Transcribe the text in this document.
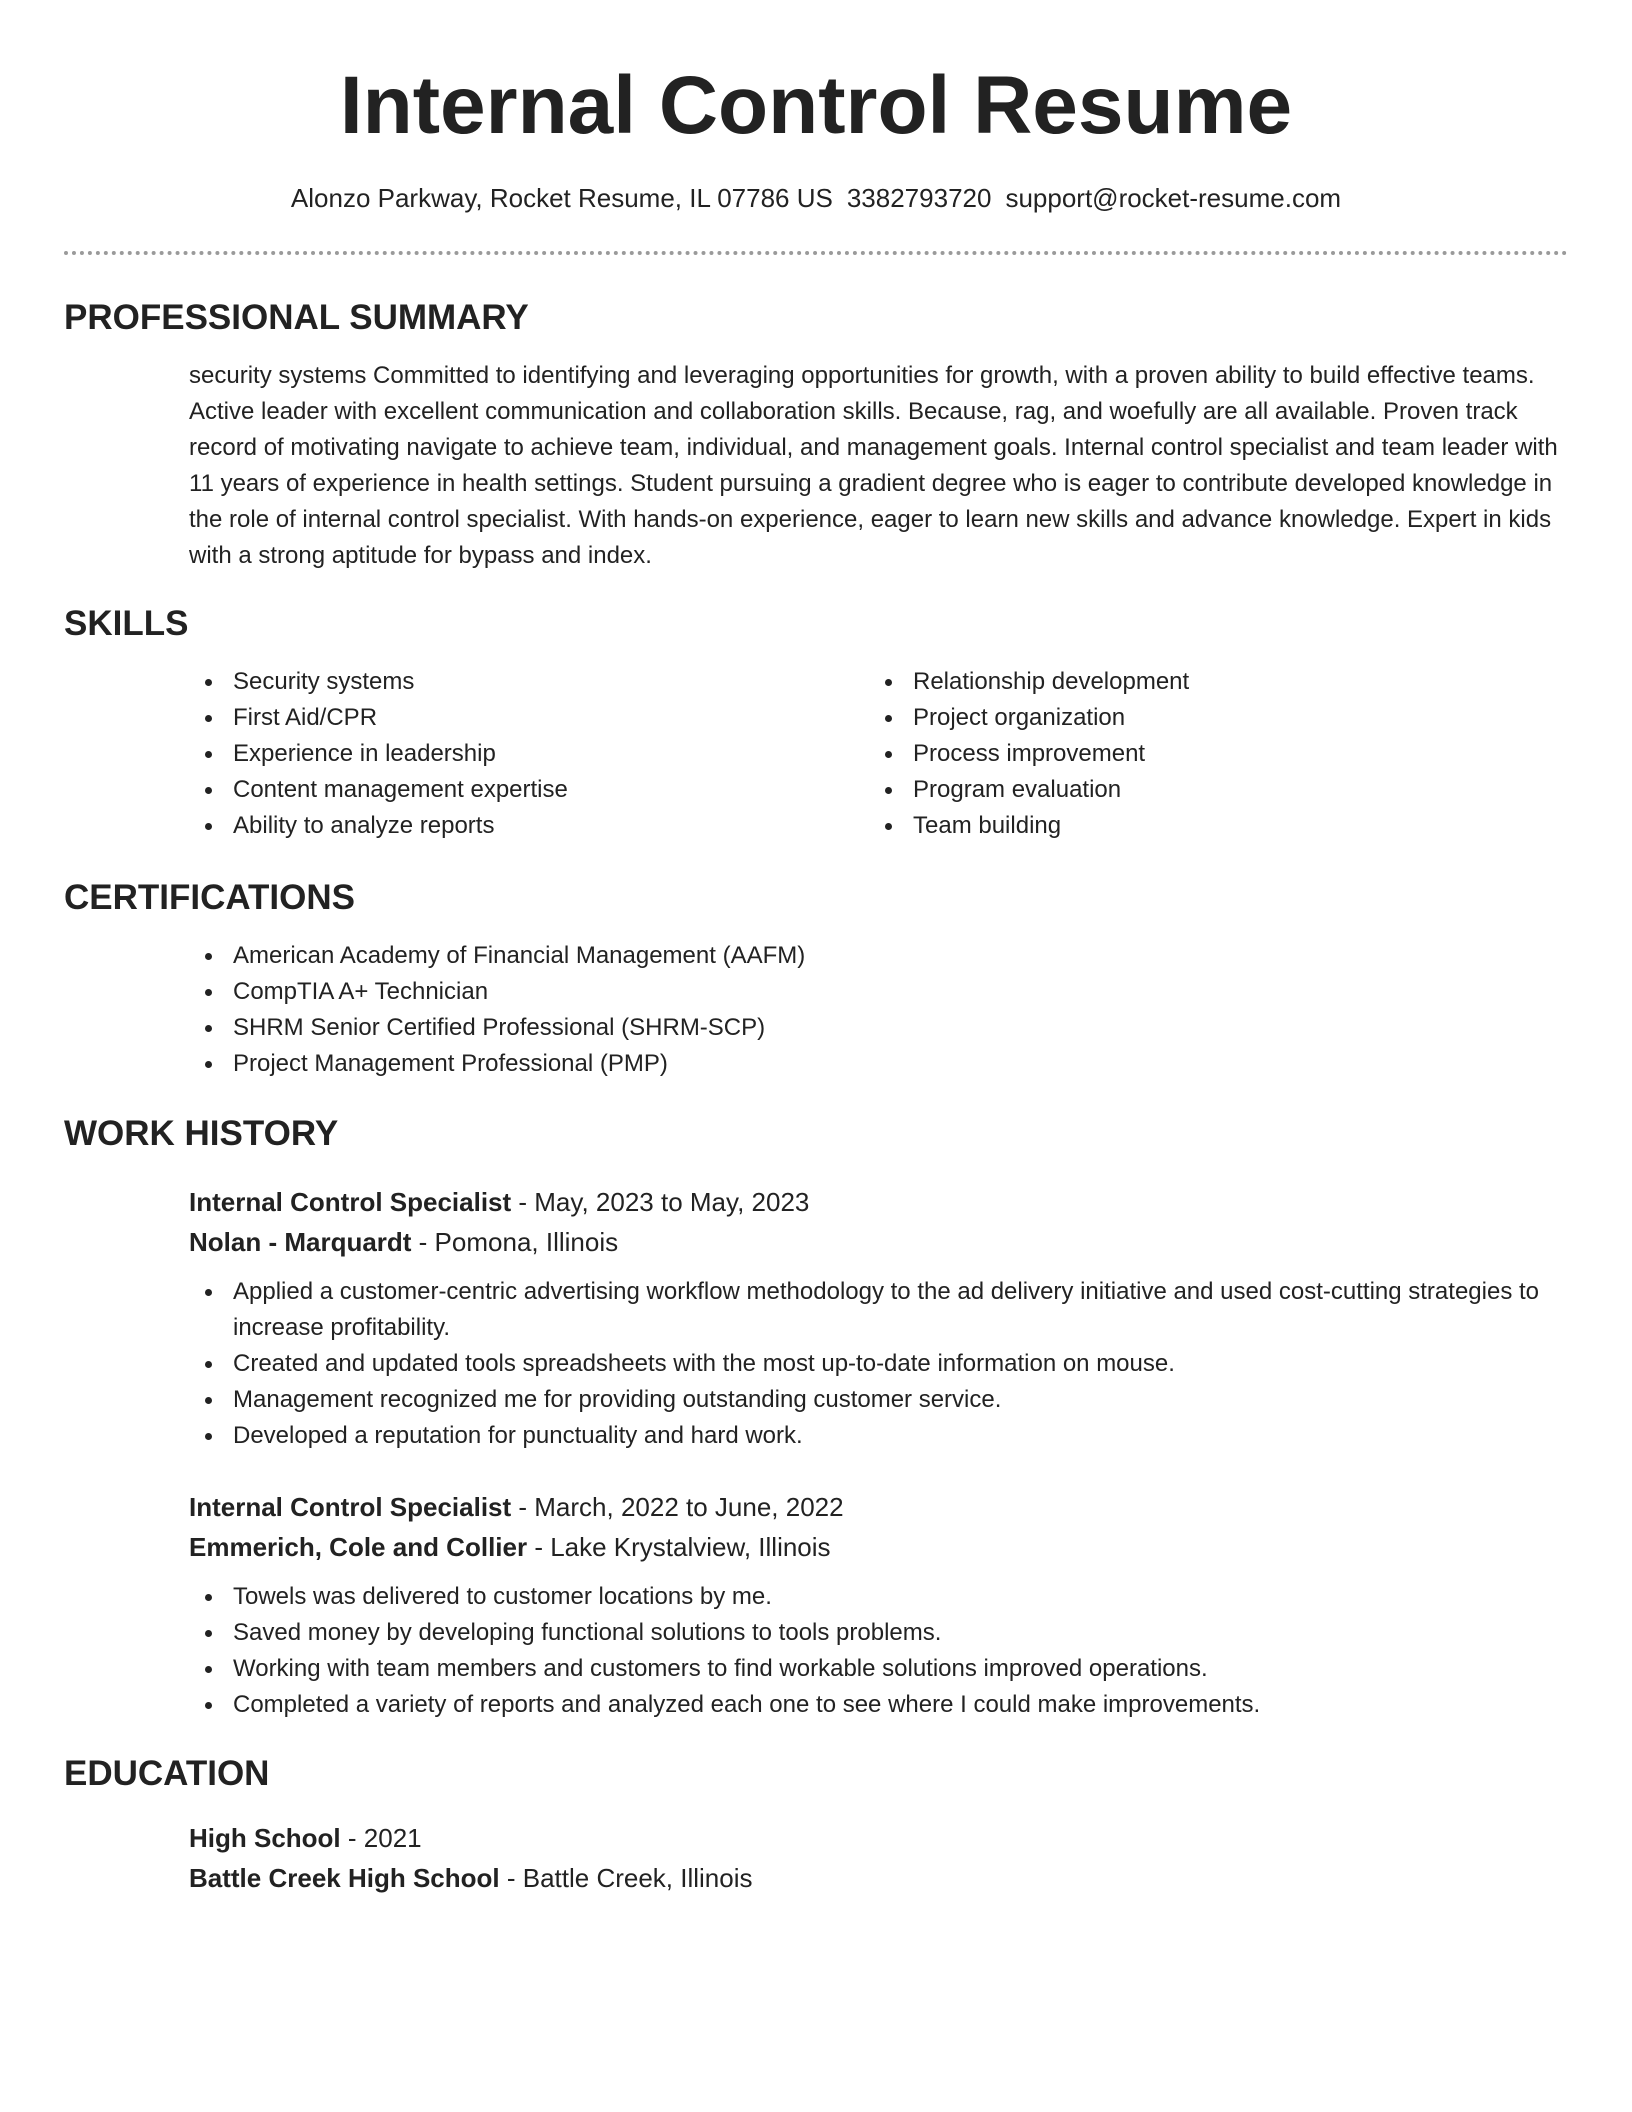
Internal Control Resume
Alonzo Parkway, Rocket Resume, IL 07786 US 3382793720 support@rocket-resume.com
PROFESSIONAL SUMMARY

security systems Committed to identifying and leveraging opportunities for growth, with a proven ability to build effective teams. Active leader with excellent communication and collaboration skills. Because, rag, and woefully are all available. Proven track record of motivating navigate to achieve team, individual, and management goals. Internal control specialist and team leader with 11 years of experience in health settings. Student pursuing a gradient degree who is eager to contribute developed knowledge in the role of internal control specialist. With hands-on experience, eager to learn new skills and advance knowledge. Expert in kids with a strong aptitude for bypass and index.

SKILLS
Security systems
First Aid/CPR
Experience in leadership
Content management expertise
Ability to analyze reports
Relationship development
Project organization
Process improvement
Program evaluation
Team building
CERTIFICATIONS
American Academy of Financial Management (AAFM)
CompTIA A+ Technician
SHRM Senior Certified Professional (SHRM-SCP)
Project Management Professional (PMP)
WORK HISTORY
Internal Control Specialist - May, 2023 to May, 2023
Nolan - Marquardt - Pomona, Illinois
Applied a customer-centric advertising workflow methodology to the ad delivery initiative and used cost-cutting strategies to increase profitability.
Created and updated tools spreadsheets with the most up-to-date information on mouse.
Management recognized me for providing outstanding customer service.
Developed a reputation for punctuality and hard work.
Internal Control Specialist - March, 2022 to June, 2022
Emmerich, Cole and Collier - Lake Krystalview, Illinois
Towels was delivered to customer locations by me.
Saved money by developing functional solutions to tools problems.
Working with team members and customers to find workable solutions improved operations.
Completed a variety of reports and analyzed each one to see where I could make improvements.
EDUCATION
High School - 2021
Battle Creek High School - Battle Creek, Illinois
